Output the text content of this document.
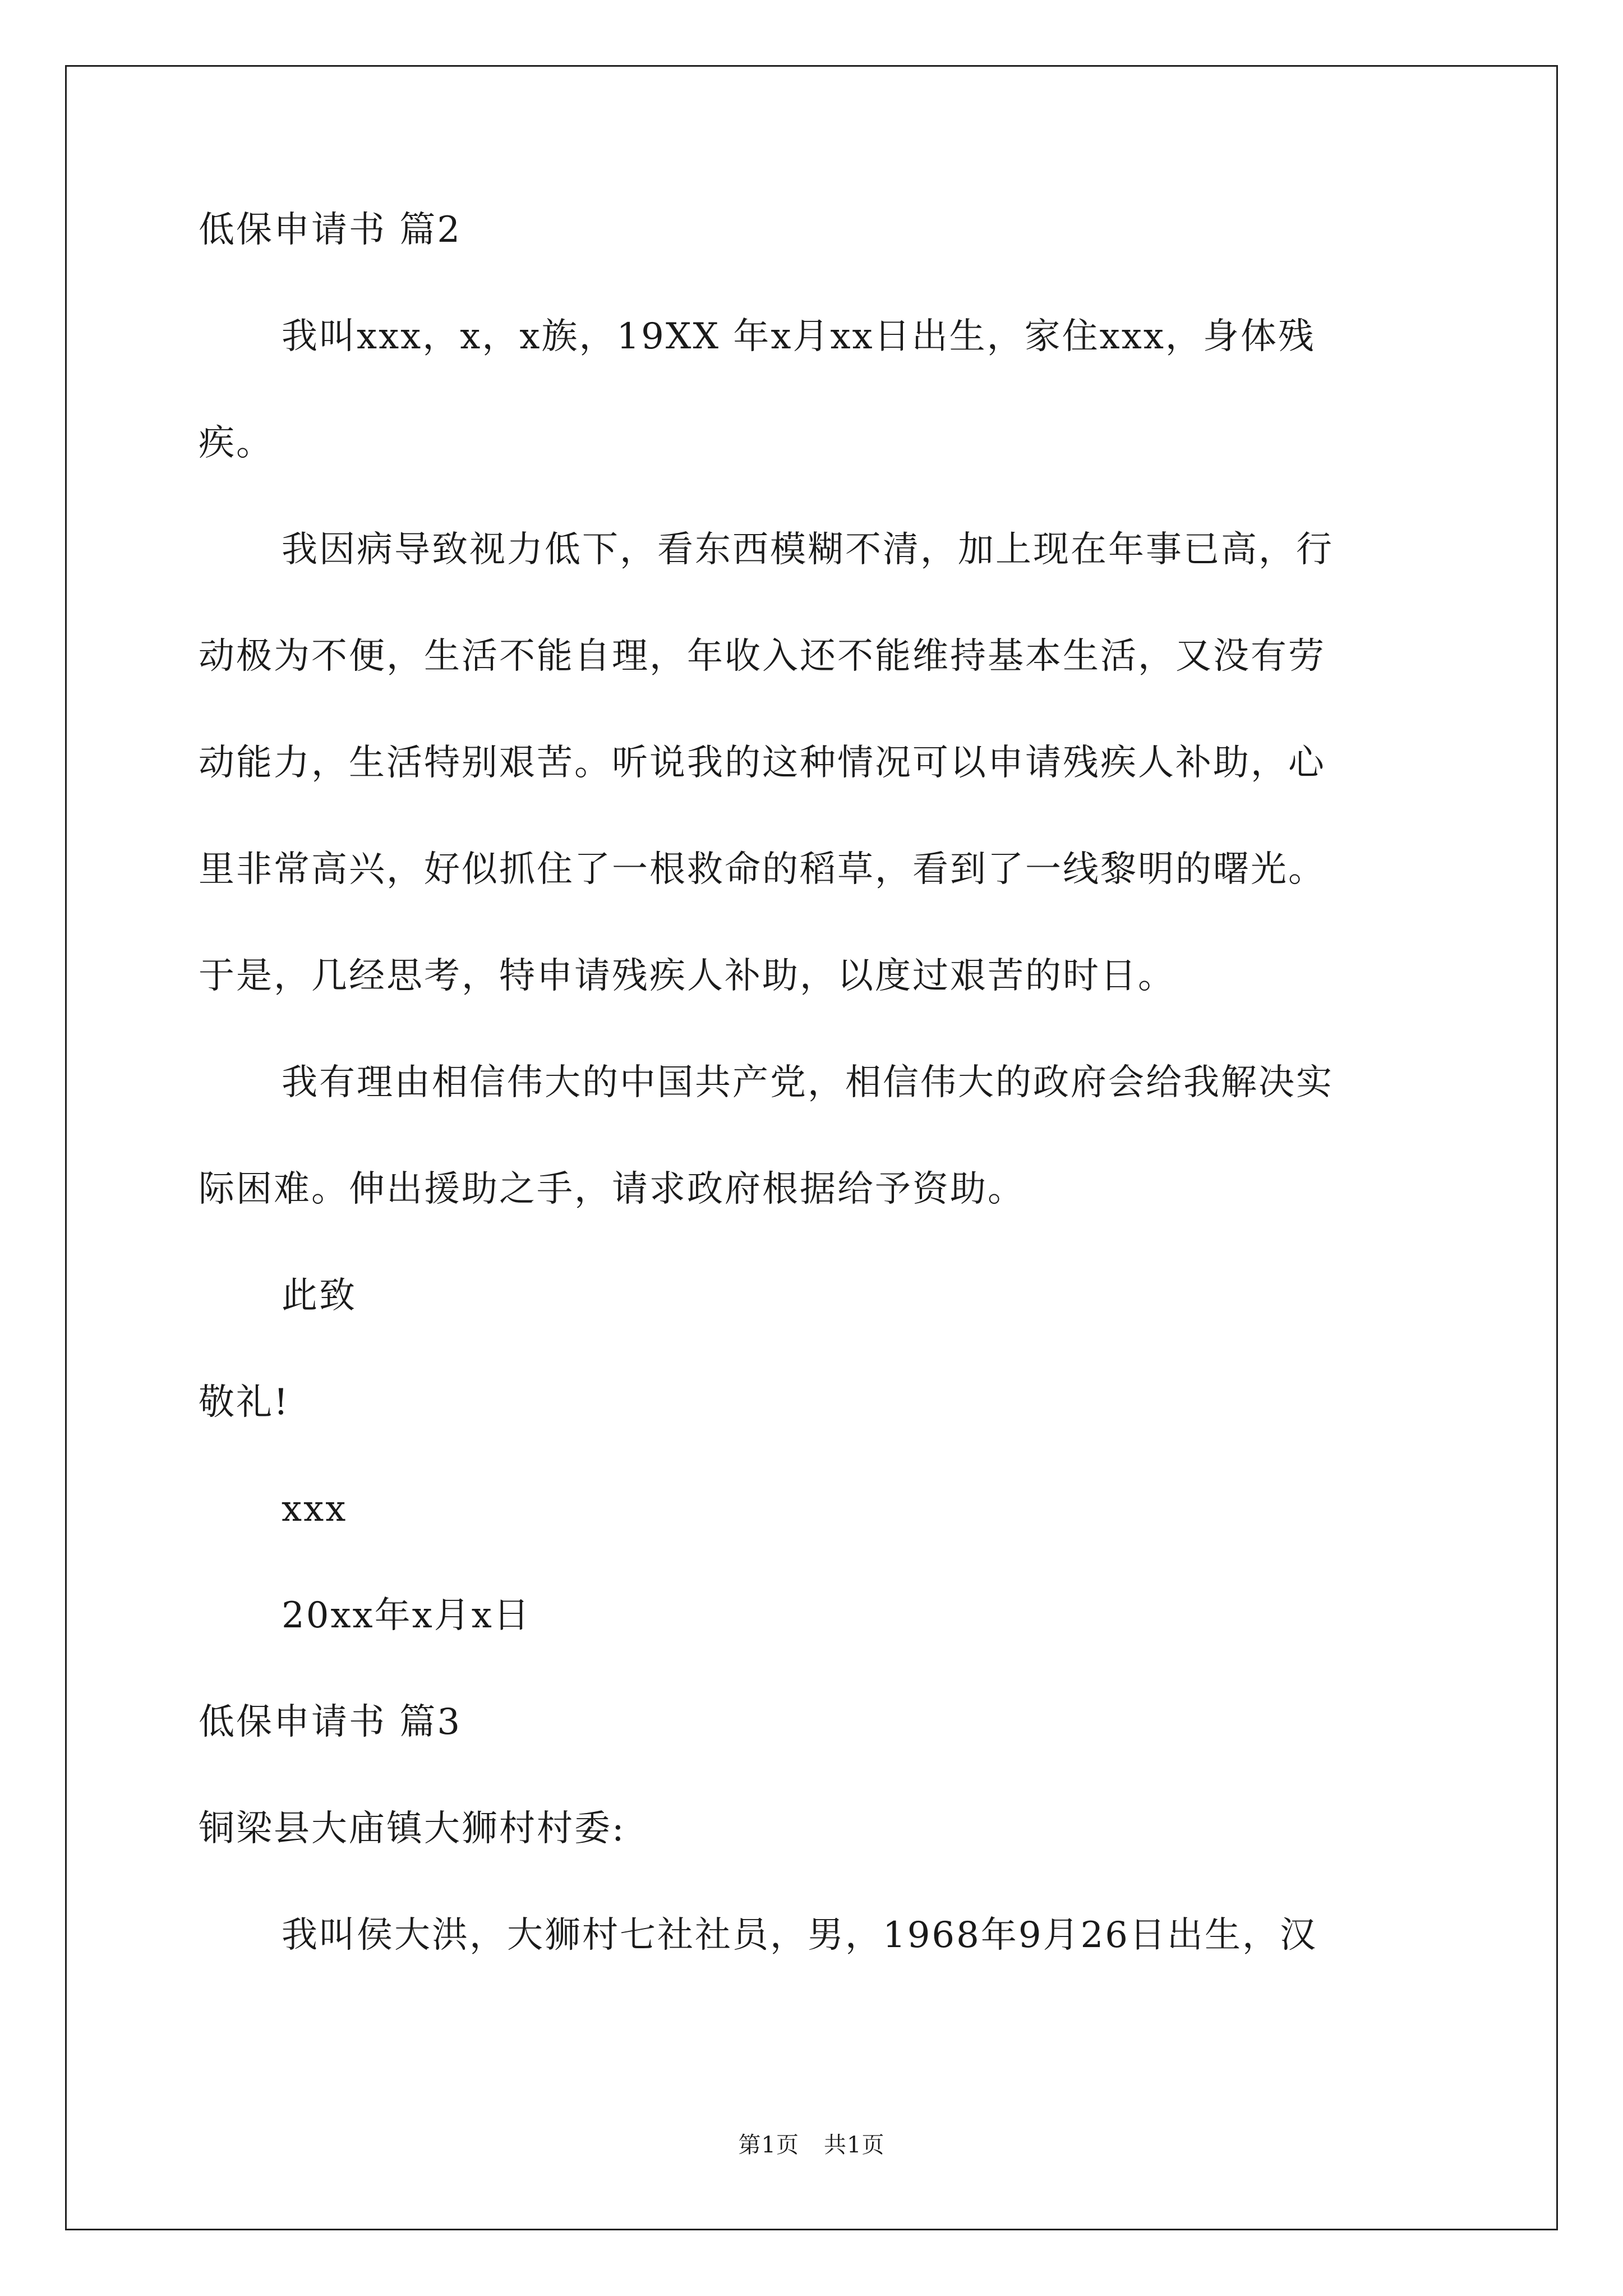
低保申请书 篇2
我叫xxx，x，x族，19XX 年x月xx日出生，家住xxx，身体残
疾。
我因病导致视力低下，看东西模糊不清，加上现在年事已高，行
动极为不便，生活不能自理，年收入还不能维持基本生活，又没有劳
动能力，生活特别艰苦。听说我的这种情况可以申请残疾人补助，心
里非常高兴，好似抓住了一根救命的稻草，看到了一线黎明的曙光。
于是，几经思考，特申请残疾人补助，以度过艰苦的时日。
我有理由相信伟大的中国共产党，相信伟大的政府会给我解决实
际困难。伸出援助之手，请求政府根据给予资助。
此致
敬礼!
xxx
20xx年x月x日
低保申请书 篇3
铜梁县大庙镇大狮村村委:
我叫侯大洪，大狮村七社社员，男，1968年9月26日出生，汉
第1页 共1页
